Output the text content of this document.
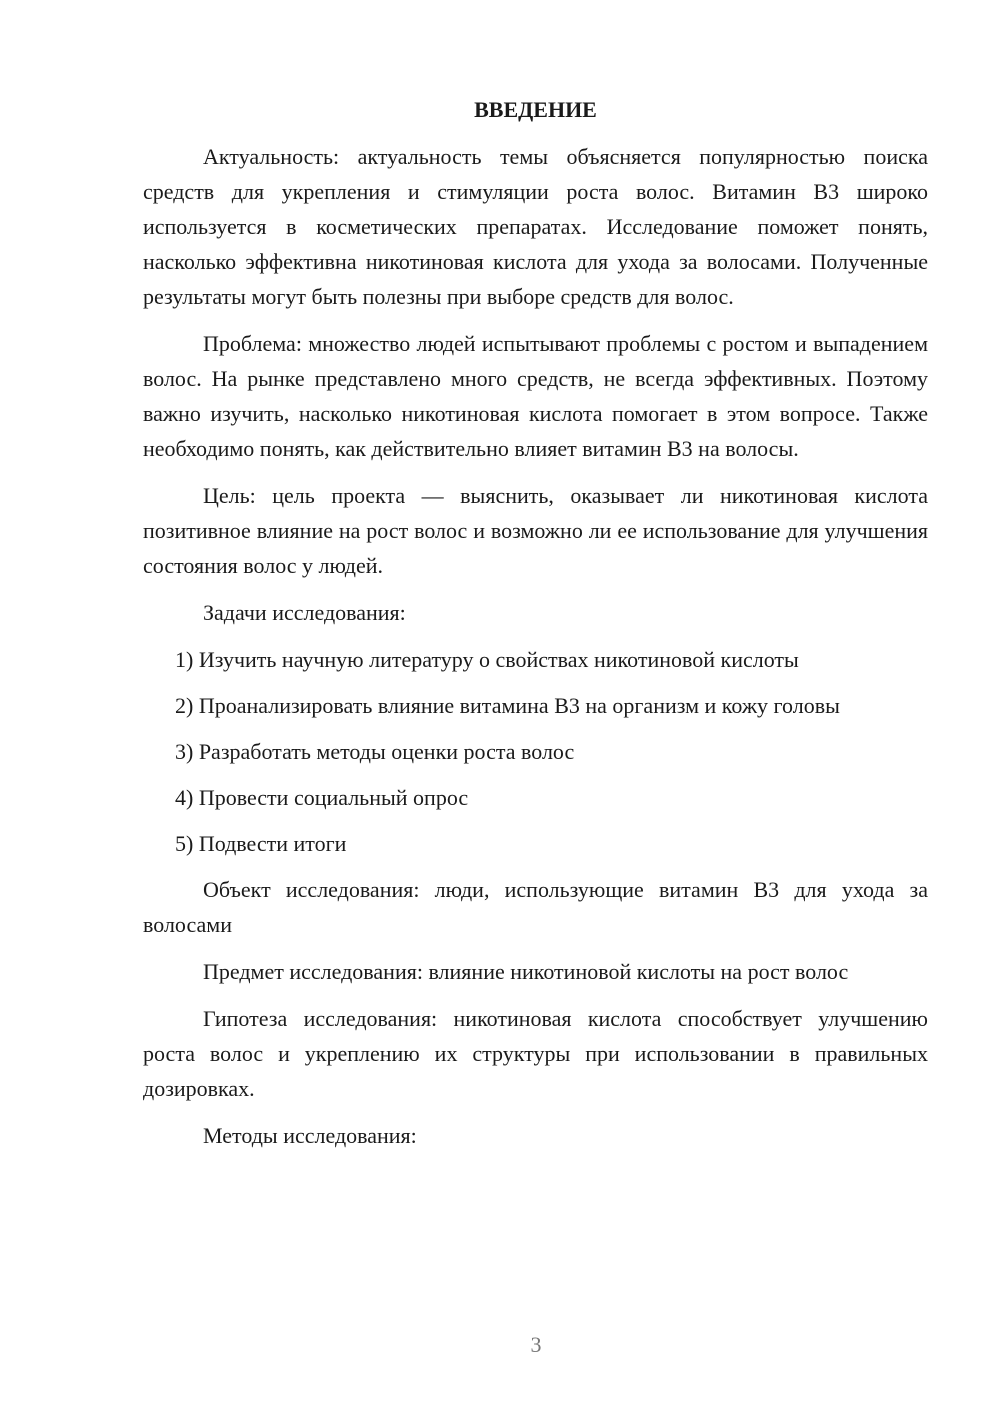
ВВЕДЕНИЕ

Актуальность: актуальность темы объясняется популярностью поиска средств для укрепления и стимуляции роста волос. Витамин В3 широко используется в косметических препаратах. Исследование поможет понять, насколько эффективна никотиновая кислота для ухода за волосами. Полученные результаты могут быть полезны при выборе средств для волос.

Проблема: множество людей испытывают проблемы с ростом и выпадением волос. На рынке представлено много средств, не всегда эффективных. Поэтому важно изучить, насколько никотиновая кислота помогает в этом вопросе. Также необходимо понять, как действительно влияет витамин В3 на волосы.

Цель: цель проекта — выяснить, оказывает ли никотиновая кислота позитивное влияние на рост волос и возможно ли ее использование для улучшения состояния волос у людей.

Задачи исследования:

1) Изучить научную литературу о свойствах никотиновой кислоты

2) Проанализировать влияние витамина В3 на организм и кожу головы

3) Разработать методы оценки роста волос

4) Провести социальный опрос

5) Подвести итоги

Объект исследования: люди, использующие витамин В3 для ухода за волосами

Предмет исследования: влияние никотиновой кислоты на рост волос

Гипотеза исследования: никотиновая кислота способствует улучшению роста волос и укреплению их структуры при использовании в правильных дозировках.

Методы исследования:

3
